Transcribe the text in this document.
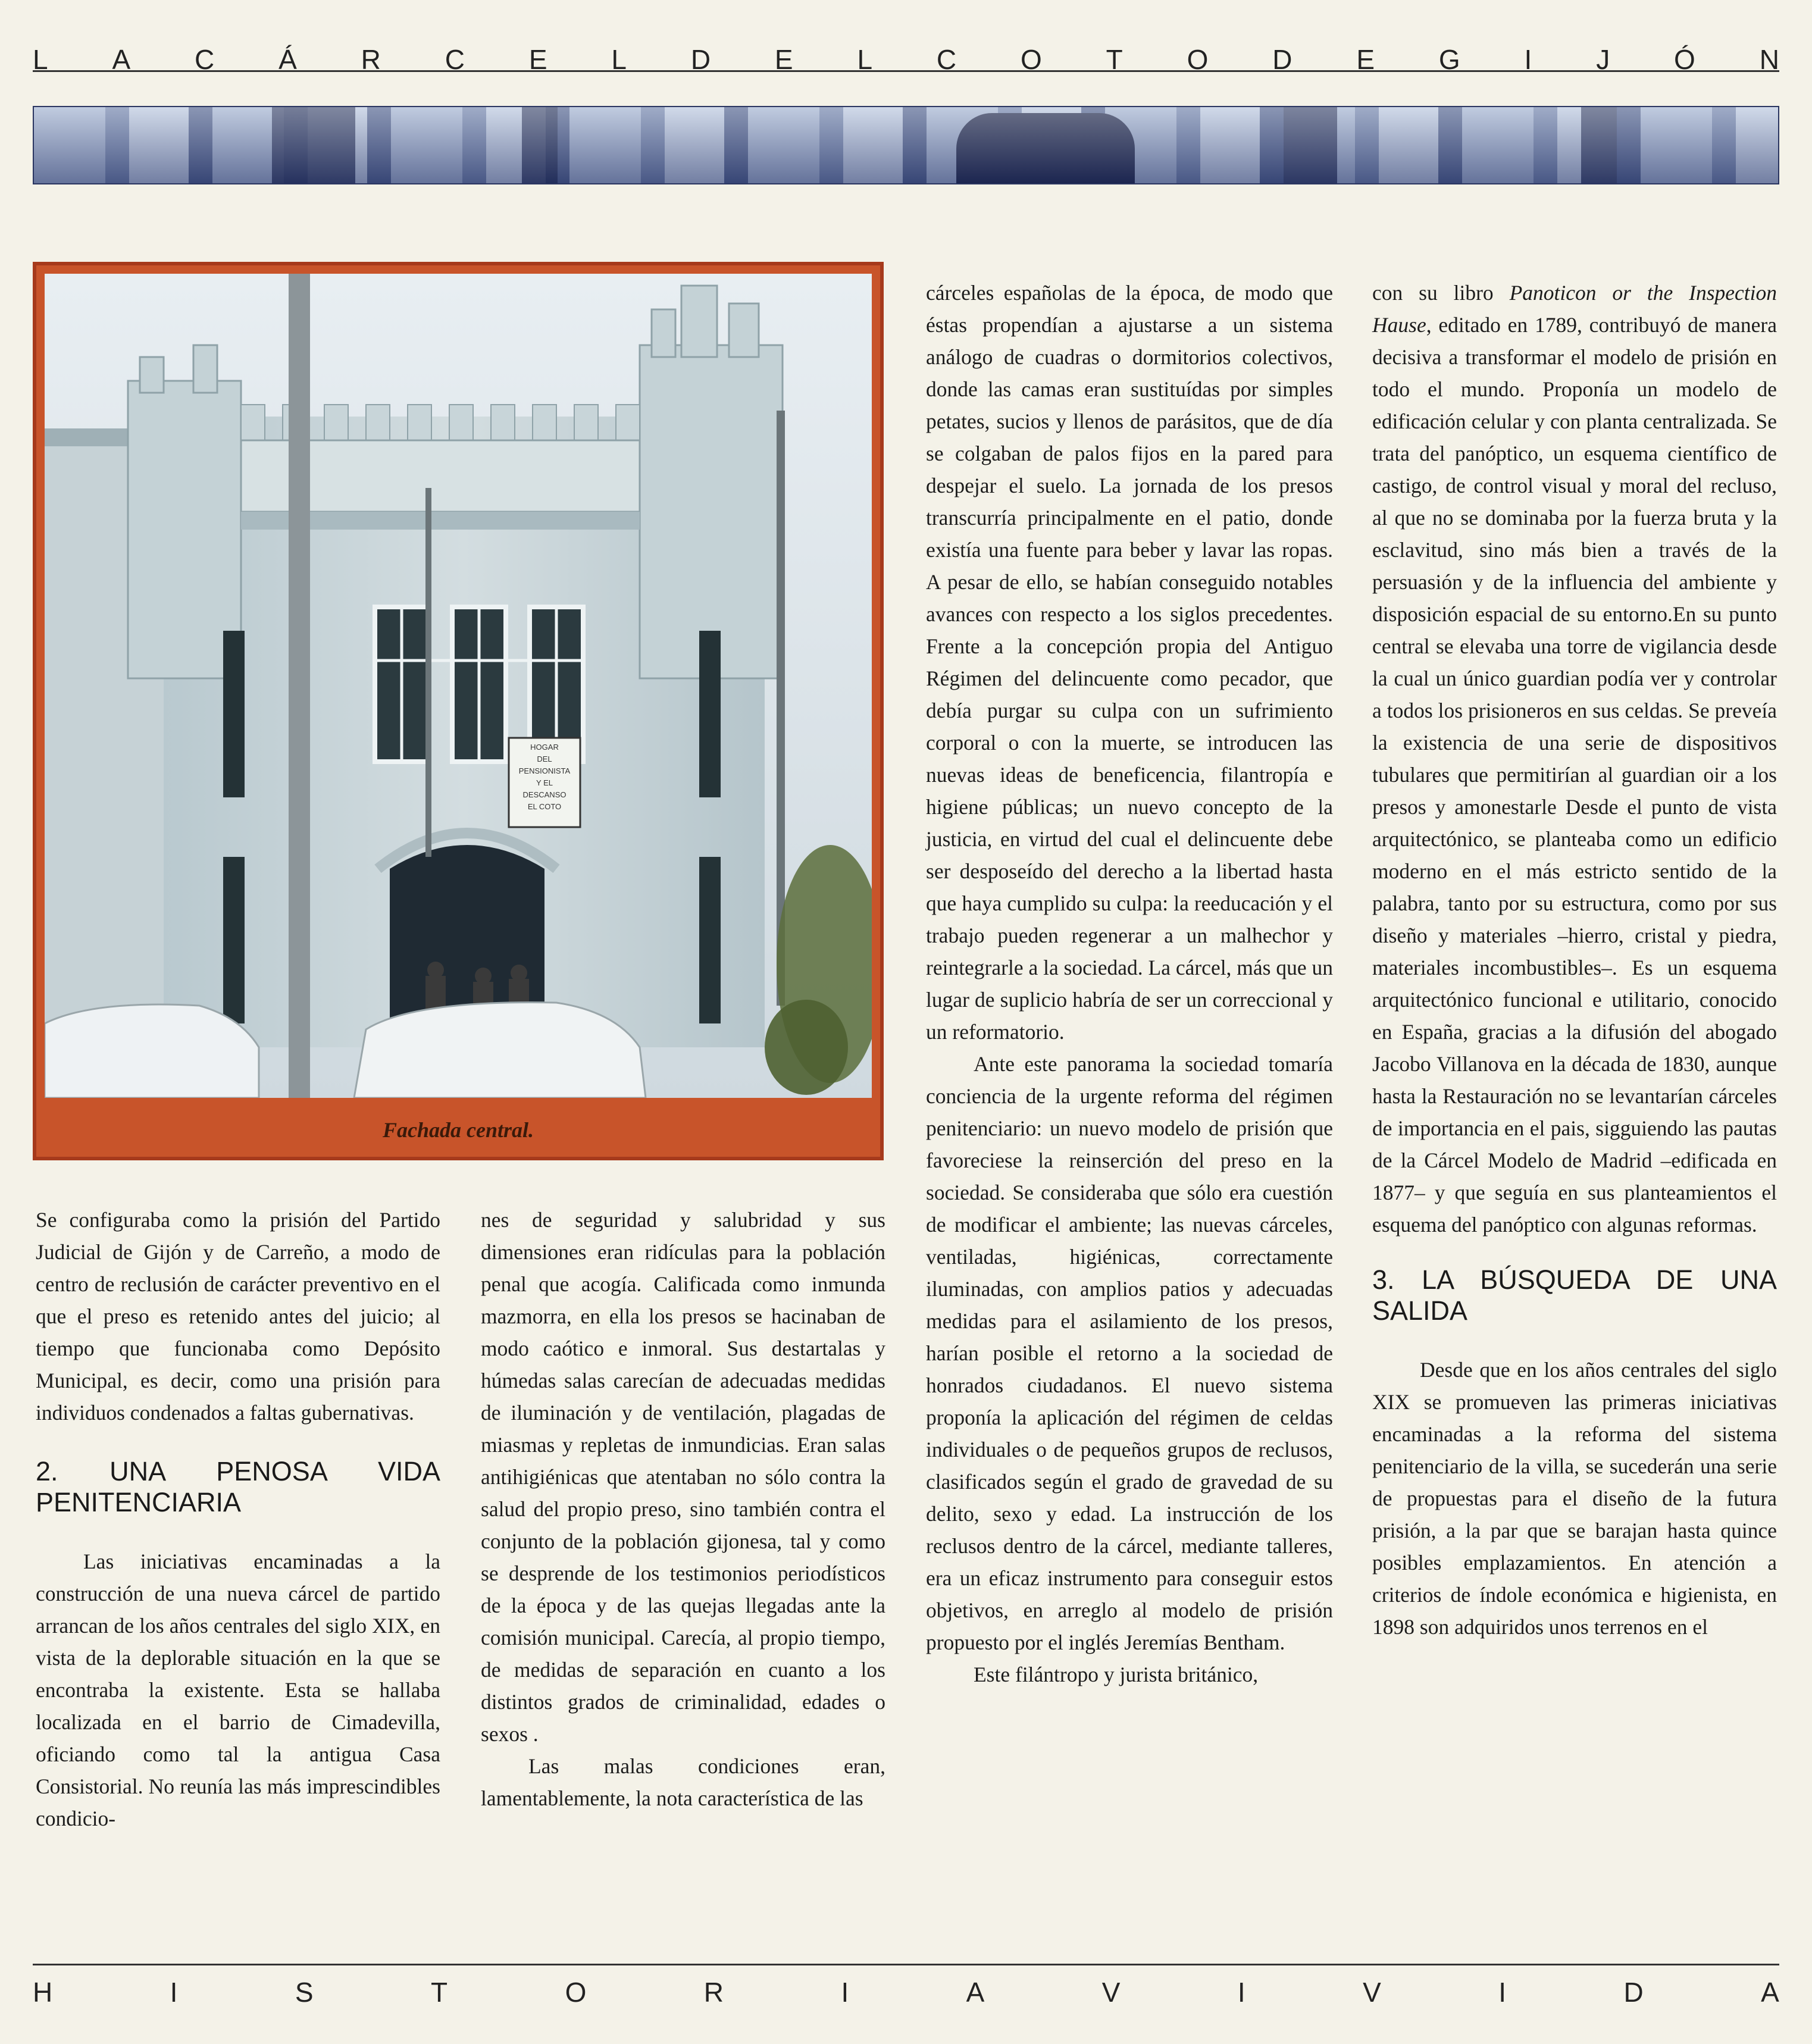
L A C Á R C E L D E L C O T O D E G I J Ó N
HOGAR
DEL
PENSIONISTA
Y EL
DESCANSO
EL COTO
Fachada central.

Se configuraba como la prisión del Partido Judicial de Gijón y de Carreño, a modo de centro de reclusión de carácter preventivo en el que el preso es retenido antes del juicio; al tiempo que funcionaba como Depósito Municipal, es decir, como una prisión para individuos condenados a faltas gubernativas.

2. UNA PENOSA VIDA PENITENCIARIA

Las iniciativas encaminadas a la construcción de una nueva cárcel de partido arrancan de los años centrales del siglo XIX, en vista de la deplorable situación en la que se encontraba la existente. Esta se hallaba localizada en el barrio de Cimadevilla, oficiando como tal la antigua Casa Consistorial. No reunía las más imprescindibles condicio-

nes de seguridad y salubridad y sus dimensiones eran ridículas para la población penal que acogía. Calificada como inmunda mazmorra, en ella los presos se hacinaban de modo caótico e inmoral. Sus destartalas y húmedas salas carecían de adecuadas medidas de iluminación y de ventilación, plagadas de miasmas y repletas de inmundicias. Eran salas antihigiénicas que atentaban no sólo contra la salud del propio preso, sino también contra el conjunto de la población gijonesa, tal y como se desprende de los testimonios periodísticos de la época y de las quejas llegadas ante la comisión municipal. Carecía, al propio tiempo, de medidas de separación en cuanto a los distintos grados de criminalidad, edades o sexos .

Las malas condiciones eran, lamentablemente, la nota característica de las

cárceles españolas de la época, de modo que éstas propendían a ajustarse a un sistema análogo de cuadras o dormitorios colectivos, donde las camas eran sustituídas por simples petates, sucios y llenos de parásitos, que de día se colgaban de palos fijos en la pared para despejar el suelo. La jornada de los presos transcurría principalmente en el patio, donde existía una fuente para beber y lavar las ropas. A pesar de ello, se habían conseguido notables avances con respecto a los siglos precedentes. Frente a la concepción propia del Antiguo Régimen del delincuente como pecador, que debía purgar su culpa con un sufrimiento corporal o con la muerte, se introducen las nuevas ideas de beneficencia, filantropía e higiene públicas; un nuevo concepto de la justicia, en virtud del cual el delincuente debe ser desposeído del derecho a la libertad hasta que haya cumplido su culpa: la reeducación y el trabajo pueden regenerar a un malhechor y reintegrarle a la sociedad. La cárcel, más que un lugar de suplicio habría de ser un correccional y un reformatorio.

Ante este panorama la sociedad tomaría conciencia de la urgente reforma del régimen penitenciario: un nuevo modelo de prisión que favoreciese la reinserción del preso en la sociedad. Se consideraba que sólo era cuestión de modificar el ambiente; las nuevas cárceles, ventiladas, higiénicas, correctamente iluminadas, con amplios patios y adecuadas medidas para el asilamiento de los presos, harían posible el retorno a la sociedad de honrados ciudadanos. El nuevo sistema proponía la aplicación del régimen de celdas individuales o de pequeños grupos de reclusos, clasificados según el grado de gravedad de su delito, sexo y edad. La instrucción de los reclusos dentro de la cárcel, mediante talleres, era un eficaz instrumento para conseguir estos objetivos, en arreglo al modelo de prisión propuesto por el inglés Jeremías Bentham.

Este filántropo y jurista británico,

con su libro Panoticon or the Inspection Hause, editado en 1789, contribuyó de manera decisiva a transformar el modelo de prisión en todo el mundo. Proponía un modelo de edificación celular y con planta centralizada. Se trata del panóptico, un esquema científico de castigo, de control visual y moral del recluso, al que no se dominaba por la fuerza bruta y la esclavitud, sino más bien a través de la persuasión y de la influencia del ambiente y disposición espacial de su entorno.En su punto central se elevaba una torre de vigilancia desde la cual un único guardian podía ver y controlar a todos los prisioneros en sus celdas. Se preveía la existencia de una serie de dispositivos tubulares que permitirían al guardian oir a los presos y amonestarle Desde el punto de vista arquitectónico, se planteaba como un edificio moderno en el más estricto sentido de la palabra, tanto por su estructura, como por sus diseño y materiales –hierro, cristal y piedra, materiales incombustibles–. Es un esquema arquitectónico funcional e utilitario, conocido en España, gracias a la difusión del abogado Jacobo Villanova en la década de 1830, aunque hasta la Restauración no se levantarían cárceles de importancia en el pais, sigguiendo las pautas de la Cárcel Modelo de Madrid –edificada en 1877– y que seguía en sus planteamientos el esquema del panóptico con algunas reformas.

3. LA BÚSQUEDA DE UNA SALIDA

Desde que en los años centrales del siglo XIX se promueven las primeras iniciativas encaminadas a la reforma del sistema penitenciario de la villa, se sucederán una serie de propuestas para el diseño de la futura prisión, a la par que se barajan hasta quince posibles emplazamientos. En atención a criterios de índole económica e higienista, en 1898 son adquiridos unos terrenos en el

H	I	S	T	O	R	I	A	V	I	V	I	D	A
